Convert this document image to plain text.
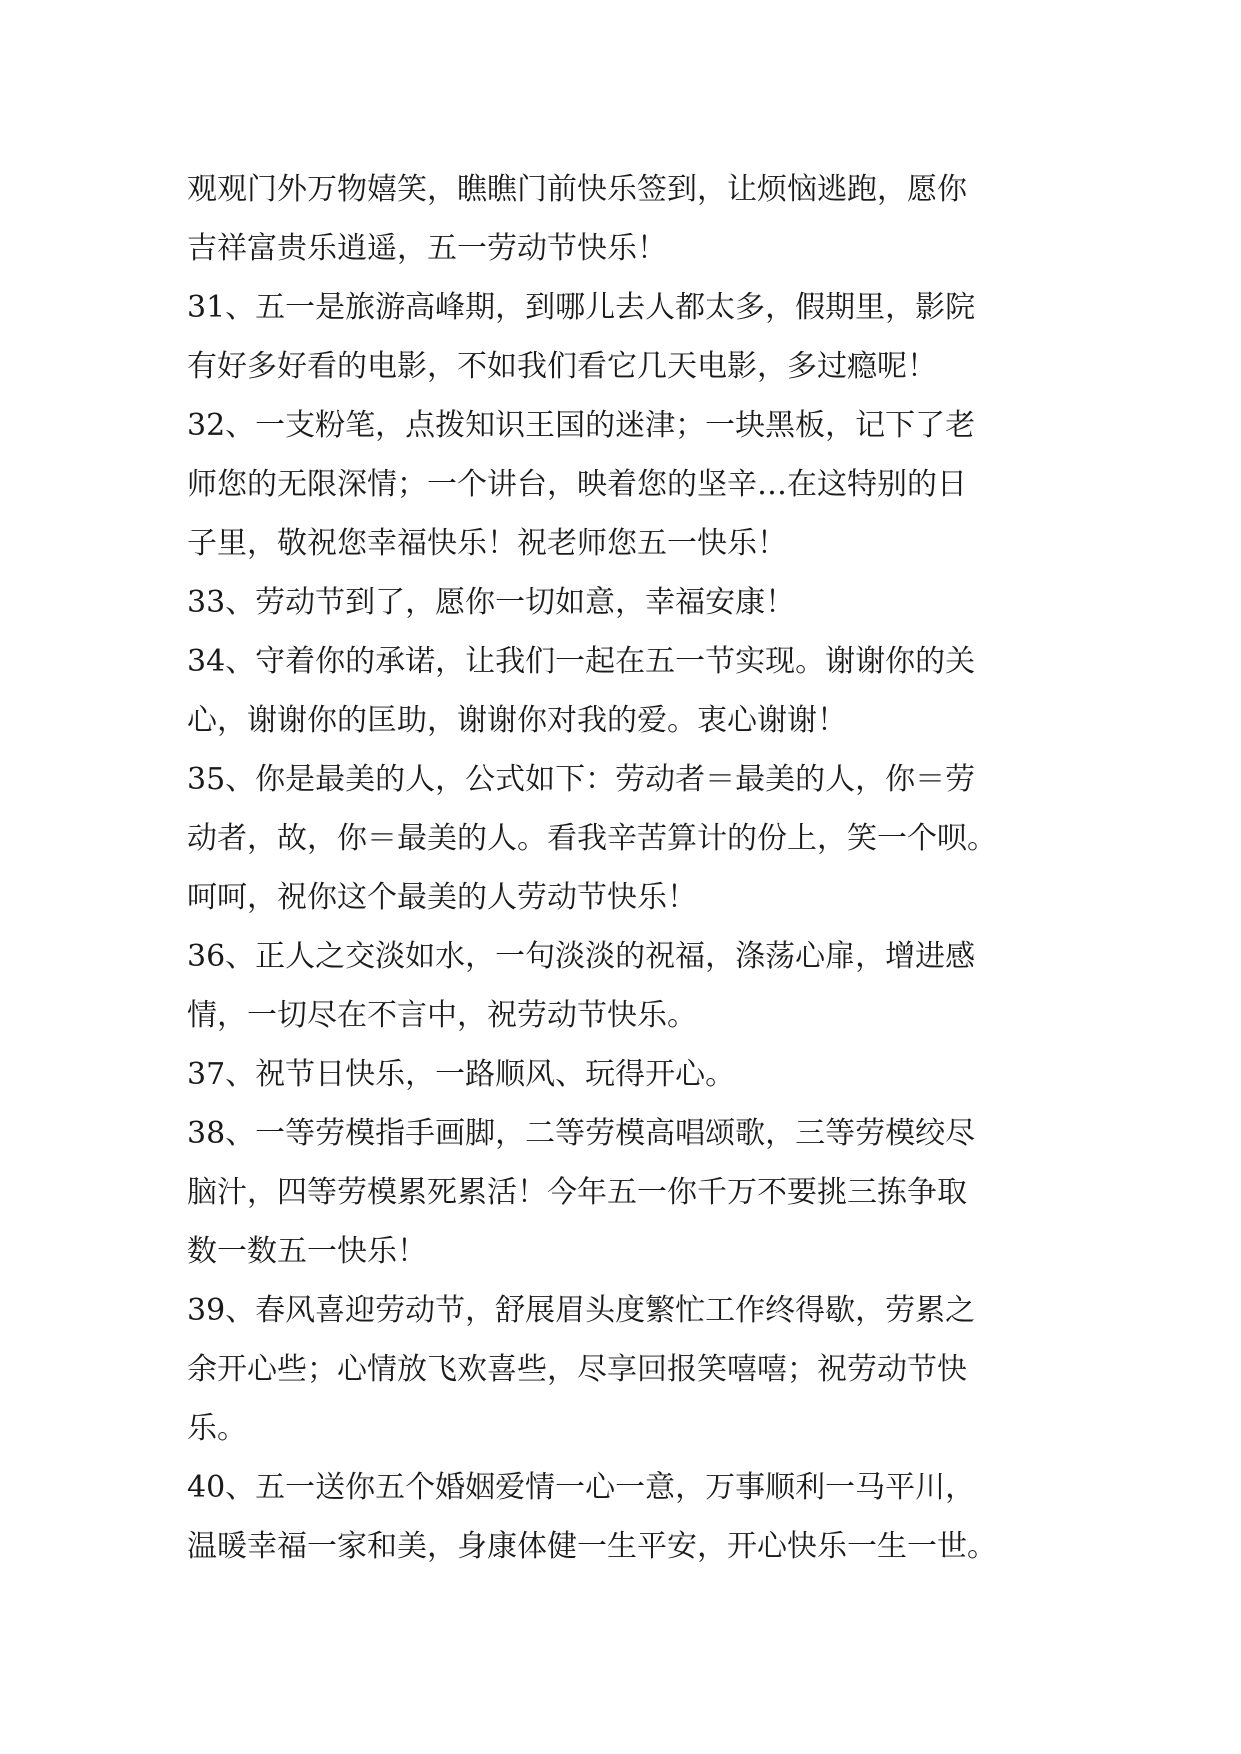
观观门外万物嬉笑，瞧瞧门前快乐签到，让烦恼逃跑，愿你
吉祥富贵乐逍遥，五一劳动节快乐！
31、五一是旅游高峰期，到哪儿去人都太多，假期里，影院
有好多好看的电影，不如我们看它几天电影，多过瘾呢！
32、一支粉笔，点拨知识王国的迷津；一块黑板，记下了老
师您的无限深情；一个讲台，映着您的坚辛…在这特别的日
子里，敬祝您幸福快乐！祝老师您五一快乐！
33、劳动节到了，愿你一切如意，幸福安康！
34、守着你的承诺，让我们一起在五一节实现。谢谢你的关
心，谢谢你的匡助，谢谢你对我的爱。衷心谢谢！
35、你是最美的人，公式如下：劳动者＝最美的人，你＝劳
动者，故，你＝最美的人。看我辛苦算计的份上，笑一个呗。
呵呵，祝你这个最美的人劳动节快乐！
36、正人之交淡如水，一句淡淡的祝福，涤荡心扉，增进感
情，一切尽在不言中，祝劳动节快乐。
37、祝节日快乐，一路顺风、玩得开心。
38、一等劳模指手画脚，二等劳模高唱颂歌，三等劳模绞尽
脑汁，四等劳模累死累活！今年五一你千万不要挑三拣争取
数一数五一快乐！
39、春风喜迎劳动节，舒展眉头度繁忙工作终得歇，劳累之
余开心些；心情放飞欢喜些，尽享回报笑嘻嘻；祝劳动节快
乐。
40、五一送你五个婚姻爱情一心一意，万事顺利一马平川，
温暖幸福一家和美，身康体健一生平安，开心快乐一生一世。
